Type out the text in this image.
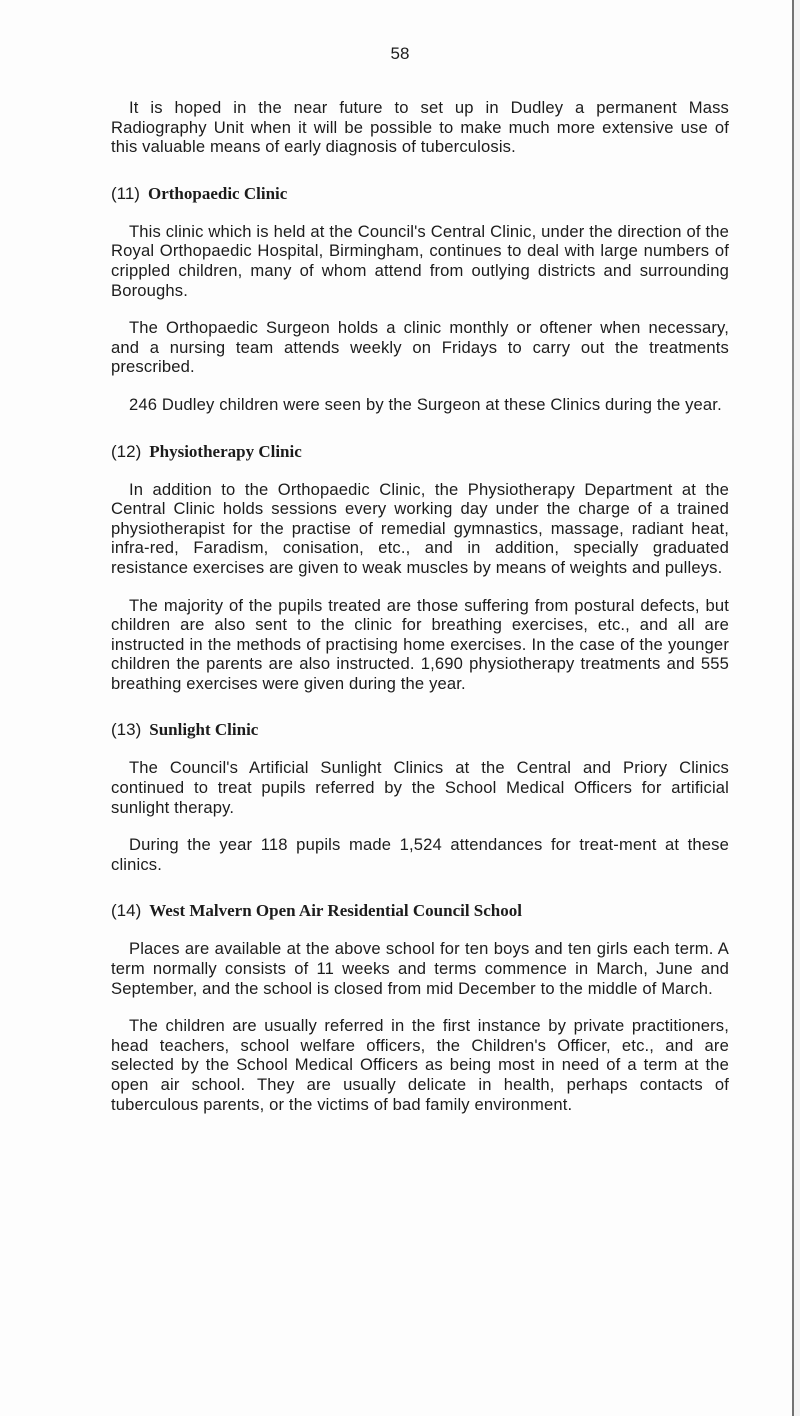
58

It is hoped in the near future to set up in Dudley a permanent Mass Radiography Unit when it will be possible to make much more extensive use of this valuable means of early diagnosis of tuberculosis.

(11) Orthopaedic Clinic

This clinic which is held at the Council's Central Clinic, under the direction of the Royal Orthopaedic Hospital, Birmingham, continues to deal with large numbers of crippled children, many of whom attend from outlying districts and surrounding Boroughs.

The Orthopaedic Surgeon holds a clinic monthly or oftener when necessary, and a nursing team attends weekly on Fridays to carry out the treatments prescribed.

246 Dudley children were seen by the Surgeon at these Clinics during the year.

(12) Physiotherapy Clinic

In addition to the Orthopaedic Clinic, the Physiotherapy Department at the Central Clinic holds sessions every working day under the charge of a trained physiotherapist for the practise of remedial gymnastics, massage, radiant heat, infra-red, Faradism, conisation, etc., and in addition, specially graduated resistance exercises are given to weak muscles by means of weights and pulleys.

The majority of the pupils treated are those suffering from postural defects, but children are also sent to the clinic for breathing exercises, etc., and all are instructed in the methods of practising home exercises. In the case of the younger children the parents are also instructed. 1,690 physiotherapy treatments and 555 breathing exercises were given during the year.

(13) Sunlight Clinic

The Council's Artificial Sunlight Clinics at the Central and Priory Clinics continued to treat pupils referred by the School Medical Officers for artificial sunlight therapy.

During the year 118 pupils made 1,524 attendances for treat-ment at these clinics.

(14) West Malvern Open Air Residential Council School

Places are available at the above school for ten boys and ten girls each term. A term normally consists of 11 weeks and terms commence in March, June and September, and the school is closed from mid December to the middle of March.

The children are usually referred in the first instance by private practitioners, head teachers, school welfare officers, the Children's Officer, etc., and are selected by the School Medical Officers as being most in need of a term at the open air school. They are usually delicate in health, perhaps contacts of tuberculous parents, or the victims of bad family environment.
